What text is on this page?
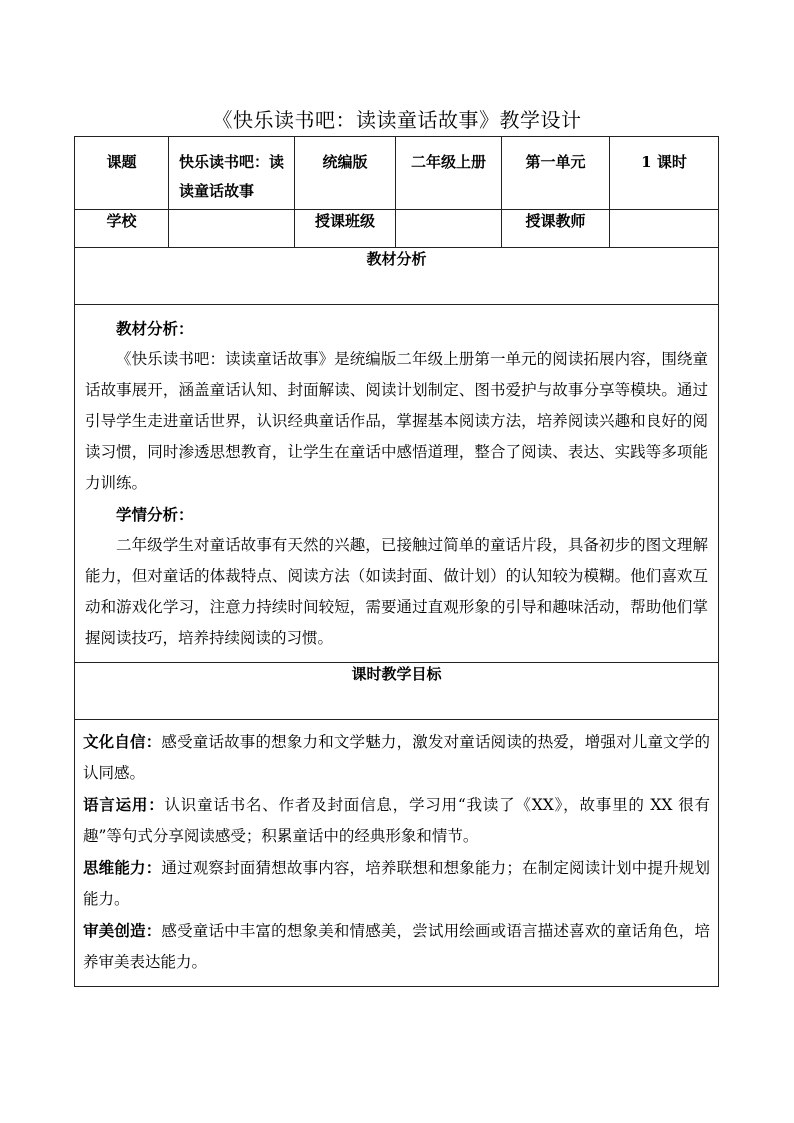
《快乐读书吧：读读童话故事》教学设计
课题	快乐读书吧：读读童话故事	统编版	二年级上册	第一单元	1 课时

学校		授课班级		授课教师	
教材分析					

教材分析：

《快乐读书吧：读读童话故事》是统编版二年级上册第一单元的阅读拓展内容，围绕童话故事展开，涵盖童话认知、封面解读、阅读计划制定、图书爱护与故事分享等模块。通过引导学生走进童话世界，认识经典童话作品，掌握基本阅读方法，培养阅读兴趣和良好的阅读习惯，同时渗透思想教育，让学生在童话中感悟道理，整合了阅读、表达、实践等多项能力训练。

学情分析：

二年级学生对童话故事有天然的兴趣，已接触过简单的童话片段，具备初步的图文理解能力，但对童话的体裁特点、阅读方法（如读封面、做计划）的认知较为模糊。他们喜欢互动和游戏化学习，注意力持续时间较短，需要通过直观形象的引导和趣味活动，帮助他们掌握阅读技巧，培养持续阅读的习惯。					

课时教学目标					

文化自信：感受童话故事的想象力和文学魅力，激发对童话阅读的热爱，增强对儿童文学的认同感。

语言运用：认识童话书名、作者及封面信息，学习用“我读了《XX》，故事里的 XX 很有趣”等句式分享阅读感受；积累童话中的经典形象和情节。

思维能力：通过观察封面猜想故事内容，培养联想和想象能力；在制定阅读计划中提升规划能力。

审美创造：感受童话中丰富的想象美和情感美，尝试用绘画或语言描述喜欢的童话角色，培养审美表达能力。					
